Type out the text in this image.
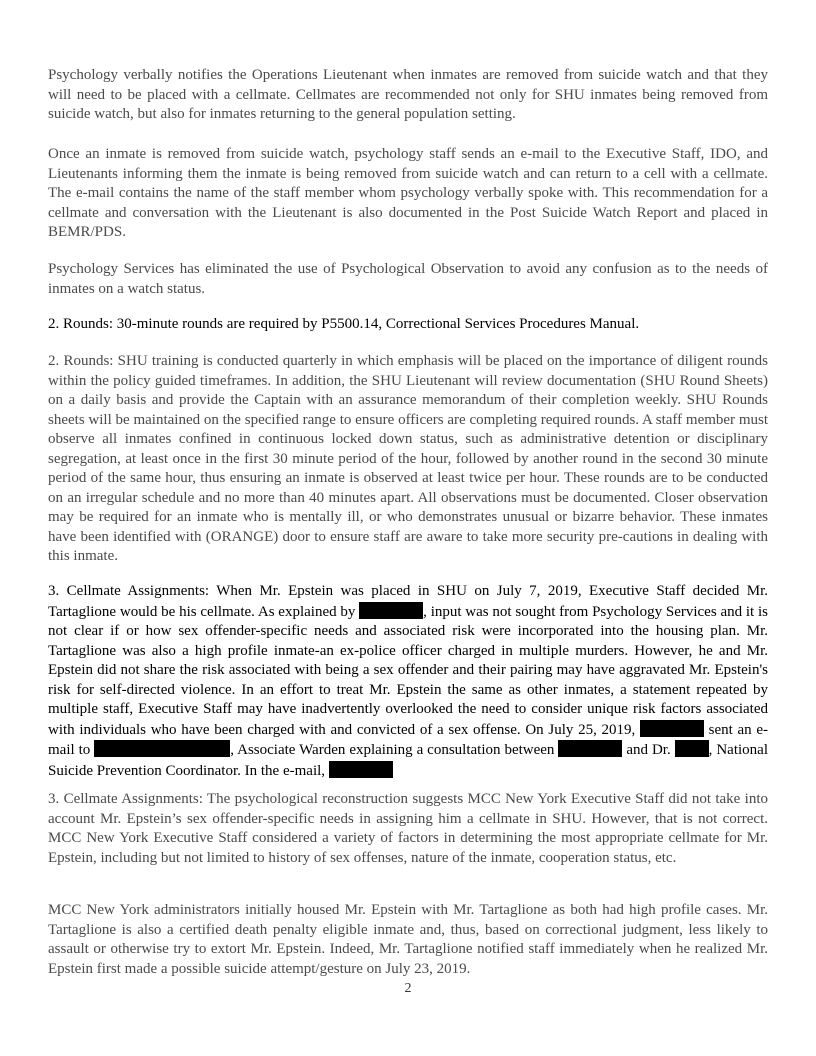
Psychology verbally notifies the Operations Lieutenant when inmates are removed from suicide watch and that they will need to be placed with a cellmate. Cellmates are recommended not only for SHU inmates being removed from suicide watch, but also for inmates returning to the general population setting.

Once an inmate is removed from suicide watch, psychology staff sends an e-mail to the Executive Staff, IDO, and Lieutenants informing them the inmate is being removed from suicide watch and can return to a cell with a cellmate. The e-mail contains the name of the staff member whom psychology verbally spoke with. This recommendation for a cellmate and conversation with the Lieutenant is also documented in the Post Suicide Watch Report and placed in BEMR/PDS.

Psychology Services has eliminated the use of Psychological Observation to avoid any confusion as to the needs of inmates on a watch status.

2. Rounds: 30-minute rounds are required by P5500.14, Correctional Services Procedures Manual.

2. Rounds: SHU training is conducted quarterly in which emphasis will be placed on the importance of diligent rounds within the policy guided timeframes. In addition, the SHU Lieutenant will review documentation (SHU Round Sheets) on a daily basis and provide the Captain with an assurance memorandum of their completion weekly. SHU Rounds sheets will be maintained on the specified range to ensure officers are completing required rounds. A staff member must observe all inmates confined in continuous locked down status, such as administrative detention or disciplinary segregation, at least once in the first 30 minute period of the hour, followed by another round in the second 30 minute period of the same hour, thus ensuring an inmate is observed at least twice per hour. These rounds are to be conducted on an irregular schedule and no more than 40 minutes apart. All observations must be documented. Closer observation may be required for an inmate who is mentally ill, or who demonstrates unusual or bizarre behavior. These inmates have been identified with (ORANGE) door to ensure staff are aware to take more security pre-cautions in dealing with this inmate.

3. Cellmate Assignments: When Mr. Epstein was placed in SHU on July 7, 2019, Executive Staff decided Mr. Tartaglione would be his cellmate. As explained by	, input was not sought from Psychology Services and it is not clear if or how sex offender-specific needs and associated risk were incorporated into the housing plan. Mr. Tartaglione was also a high profile inmate-an ex-police officer charged in multiple murders. However, he and Mr. Epstein did not share the risk associated with being a sex offender and their pairing may have aggravated Mr. Epstein's risk for self-directed violence. In an effort to treat Mr. Epstein the same as other inmates, a statement repeated by multiple staff, Executive Staff may have inadvertently overlooked the need to consider unique risk factors associated with individuals who have been charged with and convicted of a sex offense. On July 25, 2019,	sent an e-mail to	, Associate Warden explaining a consultation between	and Dr.	, National Suicide Prevention Coordinator. In the e-mail,

3. Cellmate Assignments: The psychological reconstruction suggests MCC New York Executive Staff did not take into account Mr. Epstein’s sex offender-specific needs in assigning him a cellmate in SHU. However, that is not correct. MCC New York Executive Staff considered a variety of factors in determining the most appropriate cellmate for Mr. Epstein, including but not limited to history of sex offenses, nature of the inmate, cooperation status, etc.

MCC New York administrators initially housed Mr. Epstein with Mr. Tartaglione as both had high profile cases. Mr. Tartaglione is also a certified death penalty eligible inmate and, thus, based on correctional judgment, less likely to assault or otherwise try to extort Mr. Epstein. Indeed, Mr. Tartaglione notified staff immediately when he realized Mr. Epstein first made a possible suicide attempt/gesture on July 23, 2019.

2
